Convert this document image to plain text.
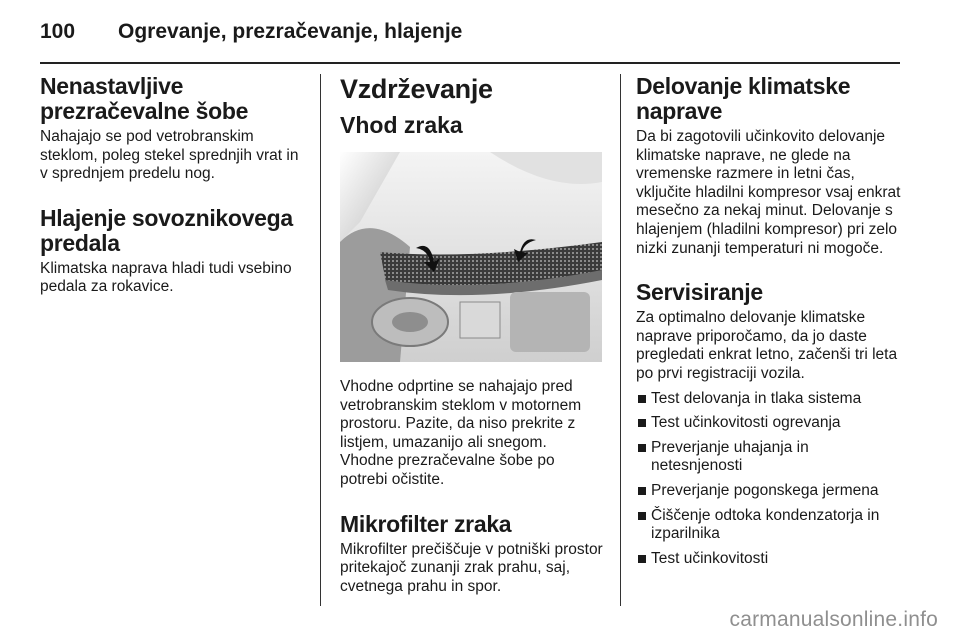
100 Ogrevanje, prezračevanje, hlajenje
Nenastavljive prezračevalne šobe

Nahajajo se pod vetrobranskim steklom, poleg stekel sprednjih vrat in v sprednjem predelu nog.

Hlajenje sovoznikovega predala

Klimatska naprava hladi tudi vsebino pedala za rokavice.

Vzdrževanje
Vhod zraka

Vhodne odprtine se nahajajo pred vetrobranskim steklom v motornem prostoru. Pazite, da niso prekrite z listjem, umazanijo ali snegom. Vhodne prezračevalne šobe po potrebi očistite.

Mikrofilter zraka

Mikrofilter prečiščuje v potniški prostor pritekajoč zunanji zrak prahu, saj, cvetnega prahu in spor.

Delovanje klimatske naprave

Da bi zagotovili učinkovito delovanje klimatske naprave, ne glede na vremenske razmere in letni čas, vključite hladilni kompresor vsaj enkrat mesečno za nekaj minut. Delovanje s hlajenjem (hladilni kompresor) pri zelo nizki zunanji temperaturi ni mogoče.

Servisiranje

Za optimalno delovanje klimatske naprave priporočamo, da jo daste pregledati enkrat letno, začenši tri leta po prvi registraciji vozila.

Test delovanja in tlaka sistema
Test učinkovitosti ogrevanja
Preverjanje uhajanja in netesnjenosti
Preverjanje pogonskega jermena
Čiščenje odtoka kondenzatorja in izparilnika
Test učinkovitosti
carmanualsonline.info
